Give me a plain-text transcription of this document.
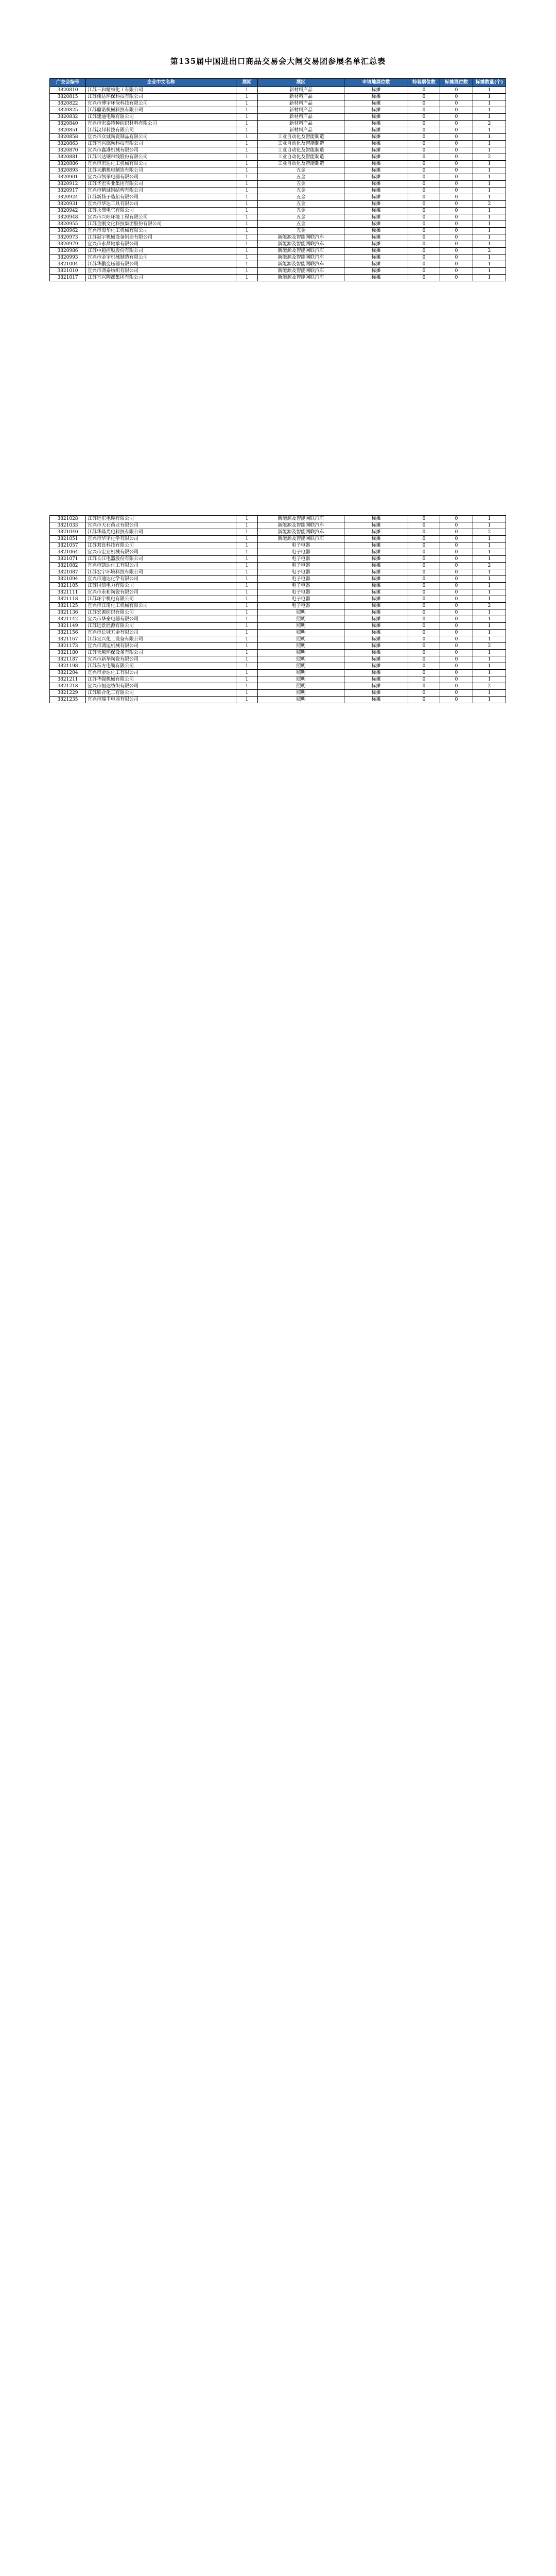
第135届中国进出口商品交易会大闸交易团参展名单汇总表
广交会编号	企业中文名称	展期	展区	申请地展位数	特装展位数	标摊展位数	标摊数量(个)
3820810	江苏三和精细化工有限公司	1	新材料产品	标摊	0	0	1
3820815	江苏伟达环保科技有限公司	1	新材料产品	标摊	0	0	1
3820822	宜兴市博宇环保科技有限公司	1	新材料产品	标摊	0	0	1
3820825	江苏鼎诺机械科技有限公司	1	新材料产品	标摊	0	0	1
3820832	江苏建通电缆有限公司	1	新材料产品	标摊	0	0	1
3820840	宜兴市宏泰特种纺织材料有限公司	1	新材料产品	标摊	0	0	2
3820851	江苏汉邦科技有限公司	1	新材料产品	标摊	0	0	1
3820858	宜兴市众诚陶瓷制品有限公司	1	工业自动化及智能制造	标摊	0	0	1
3820863	江苏宜兴德融科技有限公司	1	工业自动化及智能制造	标摊	0	0	1
3820870	宜兴市鑫港机械有限公司	1	工业自动化及智能制造	标摊	0	0	1
3820881	江苏兴达钢帘线股份有限公司	1	工业自动化及智能制造	标摊	0	0	2
3820886	宜兴市宏达化工机械有限公司	1	工业自动化及智能制造	标摊	0	0	1
3820893	江苏天鹏机电制造有限公司	1	五金	标摊	0	0	1
3820901	宜兴市凯荣电器有限公司	1	五金	标摊	0	0	1
3820912	江苏华宏实业集团有限公司	1	五金	标摊	0	0	1
3820917	宜兴市精诚钢结构有限公司	1	五金	标摊	0	0	1
3820924	江苏新扬子造船有限公司	1	五金	标摊	0	0	1
3820931	宜兴市华达工具有限公司	1	五金	标摊	0	0	2
3820942	江苏永鼎电气有限公司	1	五金	标摊	0	0	1
3820948	宜兴市兴旺环境工程有限公司	1	五金	标摊	0	0	1
3820955	江苏金刚文化科技集团股份有限公司	1	五金	标摊	0	0	1
3820962	宜兴市海华化工机械有限公司	1	五金	标摊	0	0	1
3820973	江苏冠宇机械设备制造有限公司	1	新能源及智能网联汽车	标摊	0	0	1
3820979	宜兴市永昌轴承有限公司	1	新能源及智能网联汽车	标摊	0	0	1
3820986	江苏中超控股股份有限公司	1	新能源及智能网联汽车	标摊	0	0	2
3820993	宜兴市金宇机械制造有限公司	1	新能源及智能网联汽车	标摊	0	0	1
3821004	江苏华鹏变压器有限公司	1	新能源及智能网联汽车	标摊	0	0	1
3821010	宜兴市鸿泰纺织有限公司	1	新能源及智能网联汽车	标摊	0	0	1
3821017	江苏宜兴陶都集团有限公司	1	新能源及智能网联汽车	标摊	0	0	1
3821028	江苏远东电缆有限公司	1	新能源及智能网联汽车	标摊	0	0	1
3821033	宜兴市天石药业有限公司	1	新能源及智能网联汽车	标摊	0	0	1
3821040	江苏华晶光电科技有限公司	1	新能源及智能网联汽车	标摊	0	0	2
3821051	宜兴市华宇化学有限公司	1	新能源及智能网联汽车	标摊	0	0	1
3821057	江苏双良科技有限公司	1	电子电器	标摊	0	0	1
3821064	宜兴市宏业机械有限公司	1	电子电器	标摊	0	0	1
3821071	江苏长江电器股份有限公司	1	电子电器	标摊	0	0	1
3821082	宜兴市凯达化工有限公司	1	电子电器	标摊	0	0	2
3821087	江苏宏宇环境科技有限公司	1	电子电器	标摊	0	0	1
3821094	宜兴市通达化学有限公司	1	电子电器	标摊	0	0	1
3821105	江苏国信电力有限公司	1	电子电器	标摊	0	0	1
3821111	宜兴市永和陶瓷有限公司	1	电子电器	标摊	0	0	1
3821118	江苏环宇机电有限公司	1	电子电器	标摊	0	0	1
3821125	宜兴市江南化工机械有限公司	1	电子电器	标摊	0	0	2
3821136	江苏宏源纺织有限公司	1	照明	标摊	0	0	1
3821142	宜兴市华泰电器有限公司	1	照明	标摊	0	0	1
3821149	江苏远景能源有限公司	1	照明	标摊	0	0	1
3821156	宜兴市长城五金有限公司	1	照明	标摊	0	0	1
3821167	江苏宜兴化工设备有限公司	1	照明	标摊	0	0	1
3821173	宜兴市鸿运机械有限公司	1	照明	标摊	0	0	2
3821180	江苏天顺环保设备有限公司	1	照明	标摊	0	0	1
3821187	宜兴市新华陶瓷有限公司	1	照明	标摊	0	0	1
3821198	江苏东方电缆有限公司	1	照明	标摊	0	0	1
3821204	宜兴市金达化工有限公司	1	照明	标摊	0	0	1
3821211	江苏华强机械有限公司	1	照明	标摊	0	0	1
3821218	宜兴市恒达纺织有限公司	1	照明	标摊	0	0	2
3821229	江苏联合化工有限公司	1	照明	标摊	0	0	1
3821235	宜兴市瑞丰电器有限公司	1	照明	标摊	0	0	1
